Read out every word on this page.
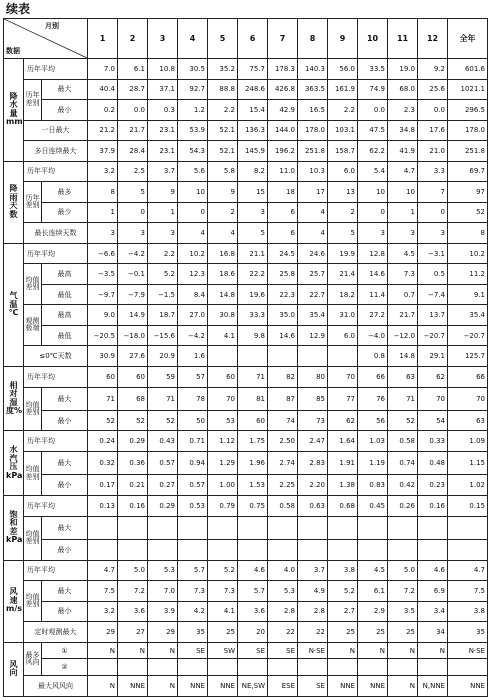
续表
月别
数据			1	2	3	4	5	6	7	8	9	10	11	12	全年
降水量 mm	历年平均		7.0	6.1	10.8	30.5	35.2	75.7	178.3	140.3	56.0	33.5	19.0	9.2	601.6
	历年差别	最大	40.4	28.7	37.1	92.7	88.8	248.6	426.8	363.5	161.9	74.9	68.0	25.6	1021.1
		最小	0.2	0.0	0.3	1.2	2.2	15.4	42.9	16.5	2.2	0.0	2.3	0.0	296.5
	一日最大		21.2	21.7	23.1	53.9	52.1	136.3	144.0	178.0	103.1	47.5	34.8	17.6	178.0
	多日连续最大		37.9	28.4	23.1	54.3	52.1	145.9	196.2	251.8	158.7	62.2	41.9	21.0	251.8
降雨天数	历年平均		3.2	2.5	3.7	5.6	5.8	8.2	11.0	10.3	6.0	5.4	4.7	3.3	69.7
	历年差别	最多	8	5	9	10	9	15	18	17	13	10	10	7	97
		最少	1	0	1	0	2	3	6	4	2	0	1	0	52
	最长连续天数		3	3	3	4	4	5	6	4	5	3	3	3	8
气 温 ℃	历年平均		−6.6	−4.2	2.2	10.2	16.8	21.1	24.5	24.6	19.9	12.8	4.5	−3.1	10.2
	均值差别	最高	−3.5	−0.1	5.2	12.3	18.6	22.2	25.8	25.7	21.4	14.6	7.3	0.5	11.2
		最低	−9.7	−7.9	−1.5	8.4	14.8	19.6	22.3	22.7	18.2	11.4	0.7	−7.4	9.1
	观测极端	最高	9.0	14.9	18.7	27.0	30.8	33.3	35.0	35.4	31.0	27.2	21.7	13.7	35.4
		最低	−20.5	−18.0	−15.6	−4.2	4.1	9.8	14.6	12.9	6.0	−4.0	−12.0	−20.7	−20.7
	≤0℃天数		30.9	27.6	20.9	1.6						0.8	14.8	29.1	125.7
相对湿度%	历年平均		60	60	59	57	60	71	82	80	70	66	63	62	66
	均值差别	最大	71	68	71	78	70	81	87	85	77	76	71	70	70
		最小	52	52	52	50	53	60	74	73	62	56	52	54	63
水汽压 kPa	历年平均		0.24	0.29	0.43	0.71	1.12	1.75	2.50	2.47	1.64	1.03	0.58	0.33	1.09
	均值差别	最大	0.32	0.36	0.57	0.94	1.29	1.96	2.74	2.83	1.91	1.19	0.74	0.48	1.15
		最小	0.17	0.21	0.27	0.57	1.00	1.53	2.25	2.20	1.38	0.83	0.42	0.23	1.02
饱和差 kPa	历年平均		0.13	0.16	0.29	0.53	0.79	0.75	0.58	0.63	0.68	0.45	0.26	0.16	0.15
	均值差别	最大													
		最小													
风 速 m/s	历年平均		4.7	5.0	5.3	5.7	5.2	4.6	4.0	3.7	3.8	4.5	5.0	4.6	4.7
	均值差别	最大	7.5	7.2	7.0	7.3	7.3	5.7	5.3	4.9	5.2	6.1	7.2	6.9	7.5
		最小	3.2	3.6	3.9	4.2	4.1	3.6	2.8	2.8	2.7	2.9	3.5	3.4	3.8
	定时观测最大		29	27	29	35	25	20	22	22	25	25	25	34	35
风 向	最多风向	①	N	N	N	SE	SW	SE	SE	N·SE	N	N	N	N	N·SE
		②													
	最大风风向		N	NNE	N	NNE	NNE	NE,SW	ESE	SE	NNE	NNE	N	N,NNE	NNE
